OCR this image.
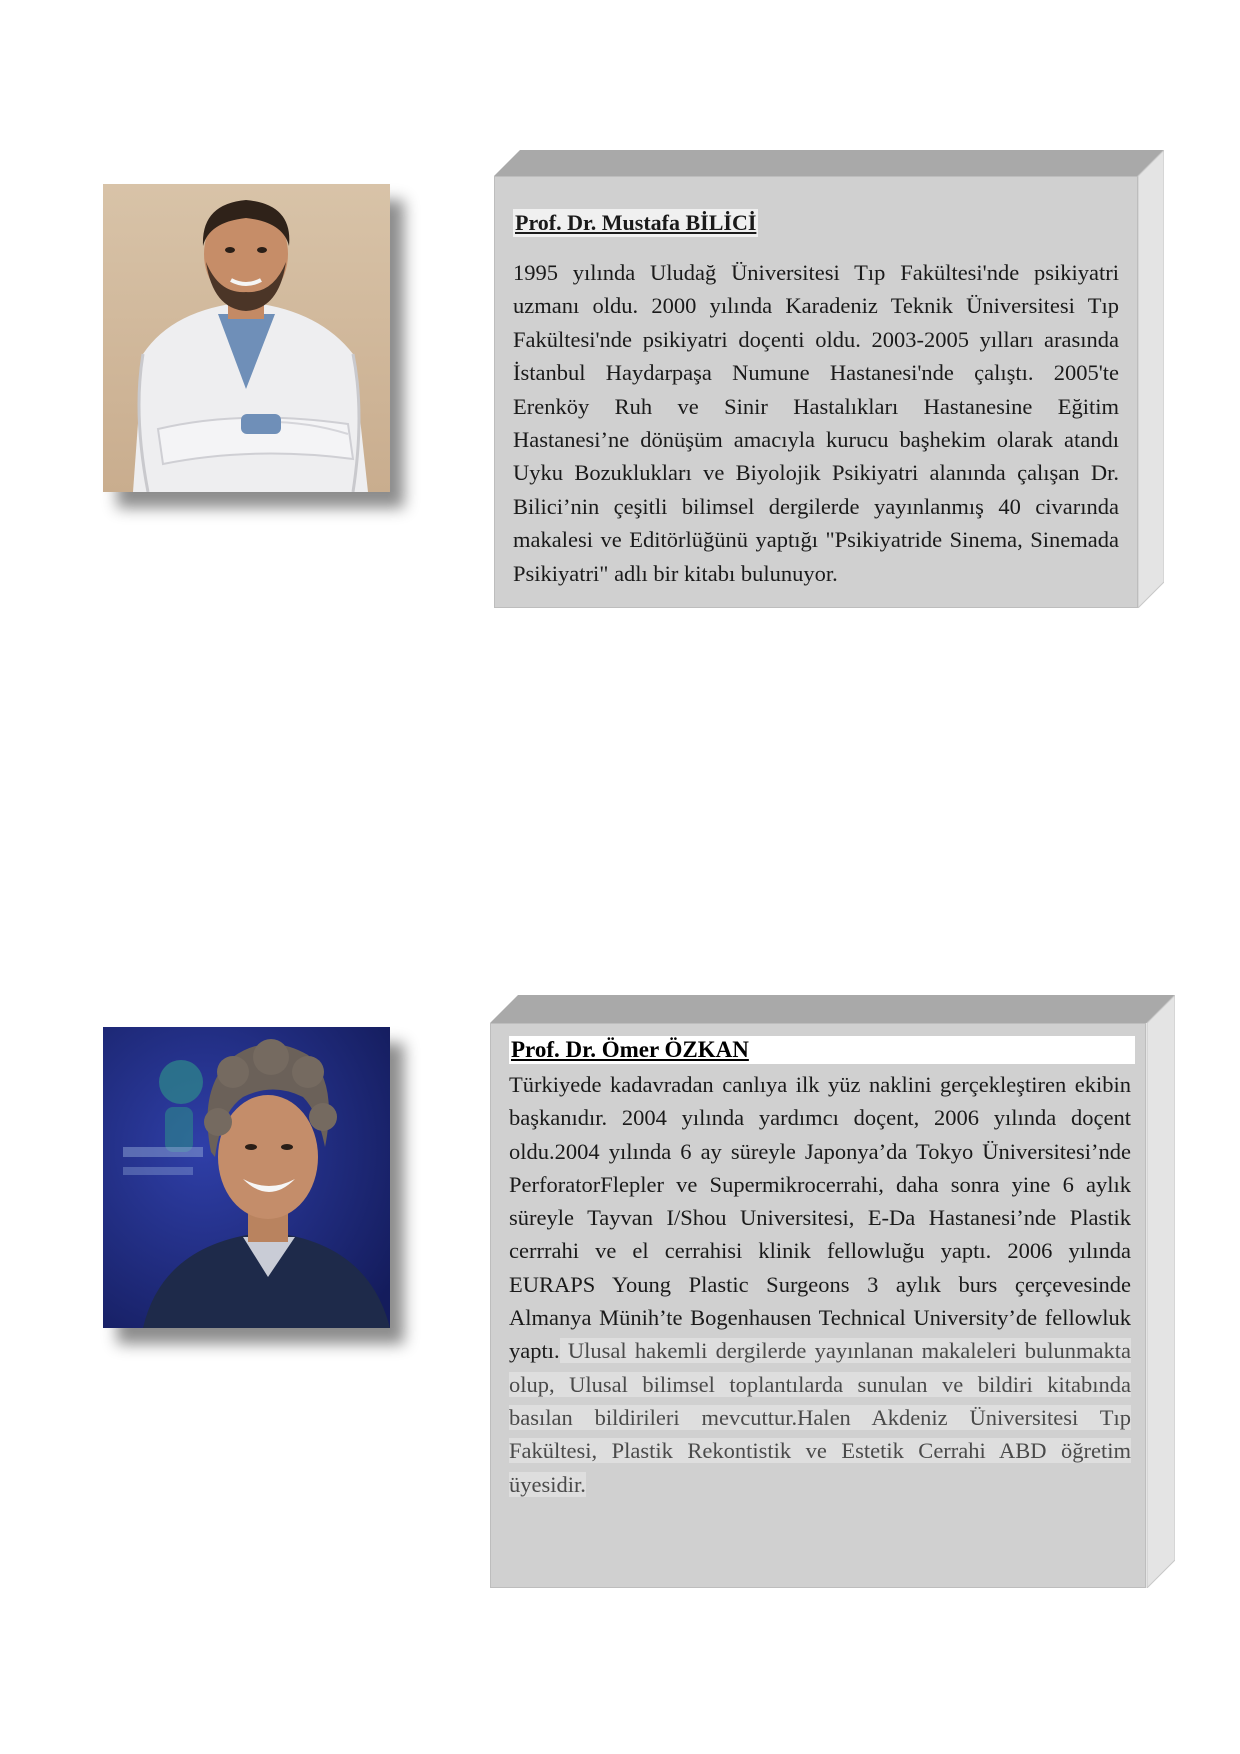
Prof. Dr. Mustafa BİLİCİ

1995 yılında Uludağ Üniversitesi Tıp Fakültesi'nde psikiyatri uzmanı oldu. 2000 yılında Karadeniz Teknik Üniversitesi Tıp Fakültesi'nde psikiyatri doçenti oldu. 2003-2005 yılları arasında İstanbul Haydarpaşa Numune Hastanesi'nde çalıştı. 2005'te Erenköy Ruh ve Sinir Hastalıkları Hastanesine Eğitim Hastanesi’ne dönüşüm amacıyla kurucu başhekim olarak atandı Uyku Bozuklukları ve Biyolojik Psikiyatri alanında çalışan Dr. Bilici’nin çeşitli bilimsel dergilerde yayınlanmış 40 civarında makalesi ve Editörlüğünü yaptığı "Psikiyatride Sinema, Sinemada Psikiyatri" adlı bir kitabı bulunuyor.

Prof. Dr. Ömer ÖZKAN

Türkiyede kadavradan canlıya ilk yüz naklini gerçekleştiren ekibin başkanıdır. 2004 yılında yardımcı doçent, 2006 yılında doçent oldu.2004 yılında 6 ay süreyle Japonya’da Tokyo Üniversitesi’nde PerforatorFlepler ve Supermikrocerrahi, daha sonra yine 6 aylık süreyle Tayvan I/Shou Universitesi, E-Da Hastanesi’nde Plastik cerrrahi ve el cerrahisi klinik fellowluğu yaptı. 2006 yılında EURAPS Young Plastic Surgeons 3 aylık burs çerçevesinde Almanya Münih’te Bogenhausen Technical University’de fellowluk yaptı. Ulusal hakemli dergilerde yayınlanan makaleleri bulunmakta olup, Ulusal bilimsel toplantılarda sunulan ve bildiri kitabında basılan bildirileri mevcuttur.Halen Akdeniz Üniversitesi Tıp Fakültesi, Plastik Rekontistik ve Estetik Cerrahi ABD öğretim üyesidir.
